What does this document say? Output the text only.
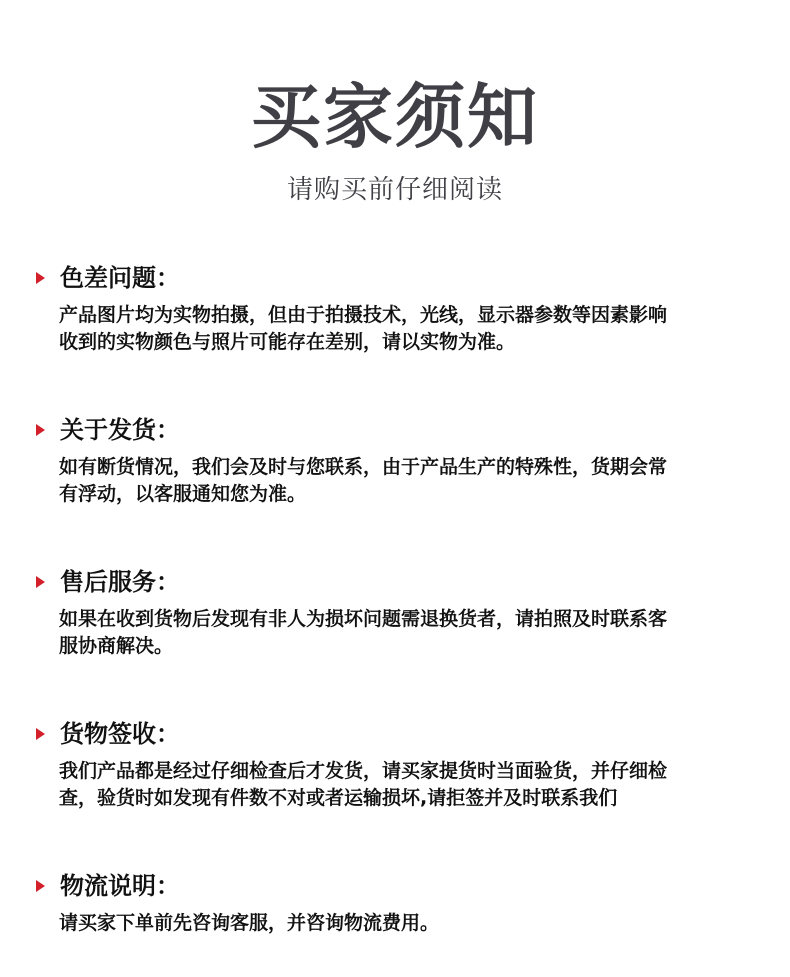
买家须知
请购买前仔细阅读
色差问题：
产品图片均为实物拍摄，但由于拍摄技术，光线，显示器参数等因素影响
收到的实物颜色与照片可能存在差别，请以实物为准。
关于发货：
如有断货情况，我们会及时与您联系，由于产品生产的特殊性，货期会常
有浮动，以客服通知您为准。
售后服务：
如果在收到货物后发现有非人为损坏问题需退换货者，请拍照及时联系客
服协商解决。
货物签收：
我们产品都是经过仔细检查后才发货，请买家提货时当面验货，并仔细检
查，验货时如发现有件数不对或者运输损坏,请拒签并及时联系我们
物流说明：
请买家下单前先咨询客服，并咨询物流费用。
